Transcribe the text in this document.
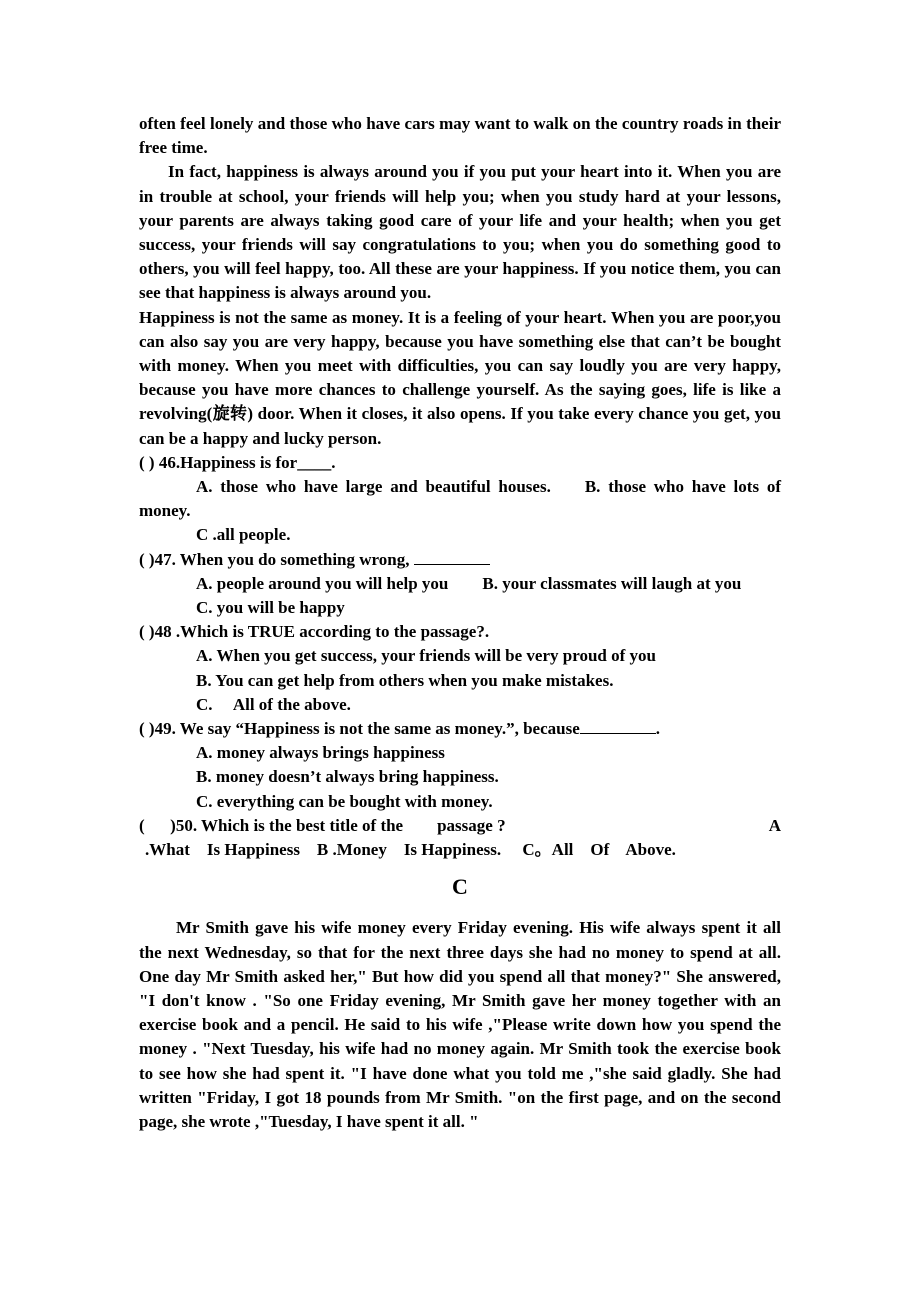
often feel lonely and those who have cars may want to walk on the country roads in their free time.

In fact, happiness is always around you if you put your heart into it. When you are in trouble at school, your friends will help you; when you study hard at your lessons, your parents are always taking good care of your life and your health; when you get success, your friends will say congratulations to you; when you do something good to others, you will feel happy, too. All these are your happiness. If you notice them, you can see that happiness is always around you.

Happiness is not the same as money. It is a feeling of your heart. When you are poor,you can also say you are very happy, because you have something else that can’t be bought with money. When you meet with difficulties, you can say loudly you are very happy, because you have more chances to challenge yourself. As the saying goes, life is like a revolving(旋转) door. When it closes, it also opens. If you take every chance you get, you can be a happy and lucky person.

( ) 46.Happiness is for____.

A. those who have large and beautiful houses. B. those who have lots of money.

C .all people.

( )47. When you do something wrong,

A. people around you will help you B. your classmates will laugh at you

C. you will be happy

( )48 .Which is TRUE according to the passage?.

A. When you get success, your friends will be very proud of you

B. You can get help from others when you make mistakes.

C.     All of the above.

( )49. We say “Happiness is not the same as money.”, because	.

A. money always brings happiness

B. money doesn’t always bring happiness.

C. everything can be bought with money.

(      )50. Which is the best title of the        passage ?	A

.What    Is Happiness    B .Money    Is Happiness.     C。All    Of    Above.

C

Mr Smith gave his wife money every Friday evening. His wife always spent it all the next Wednesday, so that for the next three days she had no money to spend at all. One day Mr Smith asked her," But how did you spend all that money?" She answered, "I don't know . "So one Friday evening, Mr Smith gave her money together with an exercise book and a pencil. He said to his wife ,"Please write down how you spend the money . "Next Tuesday, his wife had no money again. Mr Smith took the exercise book to see how she had spent it. "I have done what you told me ,"she said gladly. She had written "Friday, I got 18 pounds from Mr Smith. "on the first page, and on the second page, she wrote ,"Tuesday, I have spent it all. "
